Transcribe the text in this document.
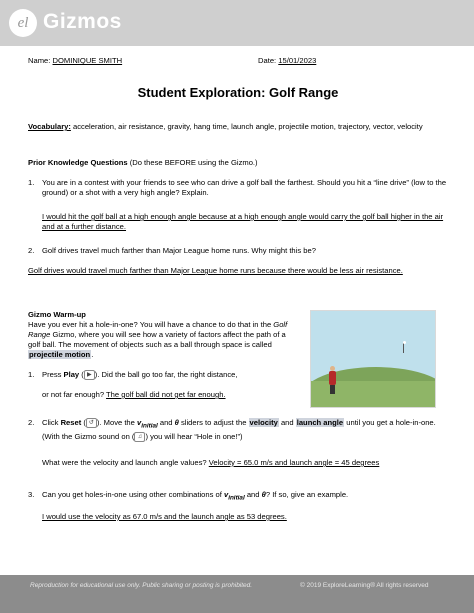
el Gizmos
Name: DOMINIQUE SMITH	Date: 15/01/2023
Student Exploration: Golf Range
Vocabulary: acceleration, air resistance, gravity, hang time, launch angle, projectile motion, trajectory, vector, velocity
Prior Knowledge Questions (Do these BEFORE using the Gizmo.)
1. You are in a contest with your friends to see who can drive a golf ball the farthest. Should you hit a “line drive” (low to the ground) or a shot with a very high angle? Explain.
I would hit the golf ball at a high enough angle because at a high enough angle would carry the golf ball higher in the air and at a further distance.
2. Golf drives travel much farther than Major League home runs. Why might this be?
Golf drives would travel much farther than Major League home runs because there would be less air resistance.
Gizmo Warm-up
Have you ever hit a hole-in-one? You will have a chance to do that in the Golf Range Gizmo, where you will see how a variety of factors affect the path of a golf ball. The movement of objects such as a ball through space is called projectile motion.
1. Press Play ( ▶ ). Did the ball go too far, the right distance,
or not far enough? The golf ball did not get far enough.
2. Click Reset ( ↺ ). Move the $v_{initial}$ and θ sliders to adjust the velocity and launch angle until you get a hole-in-one. (With the Gizmo sound on ( ♫ ) you will hear “Hole in one!”)
What were the velocity and launch angle values? Velocity = 65.0 m/s and launch angle = 45 degrees
3. Can you get holes-in-one using other combinations of $v_{initial}$ and θ? If so, give an example.
I would use the velocity as 67.0 m/s and the launch angle as 53 degrees.
Reproduction for educational use only. Public sharing or posting is prohibited.	© 2019 ExploreLearning® All rights reserved
